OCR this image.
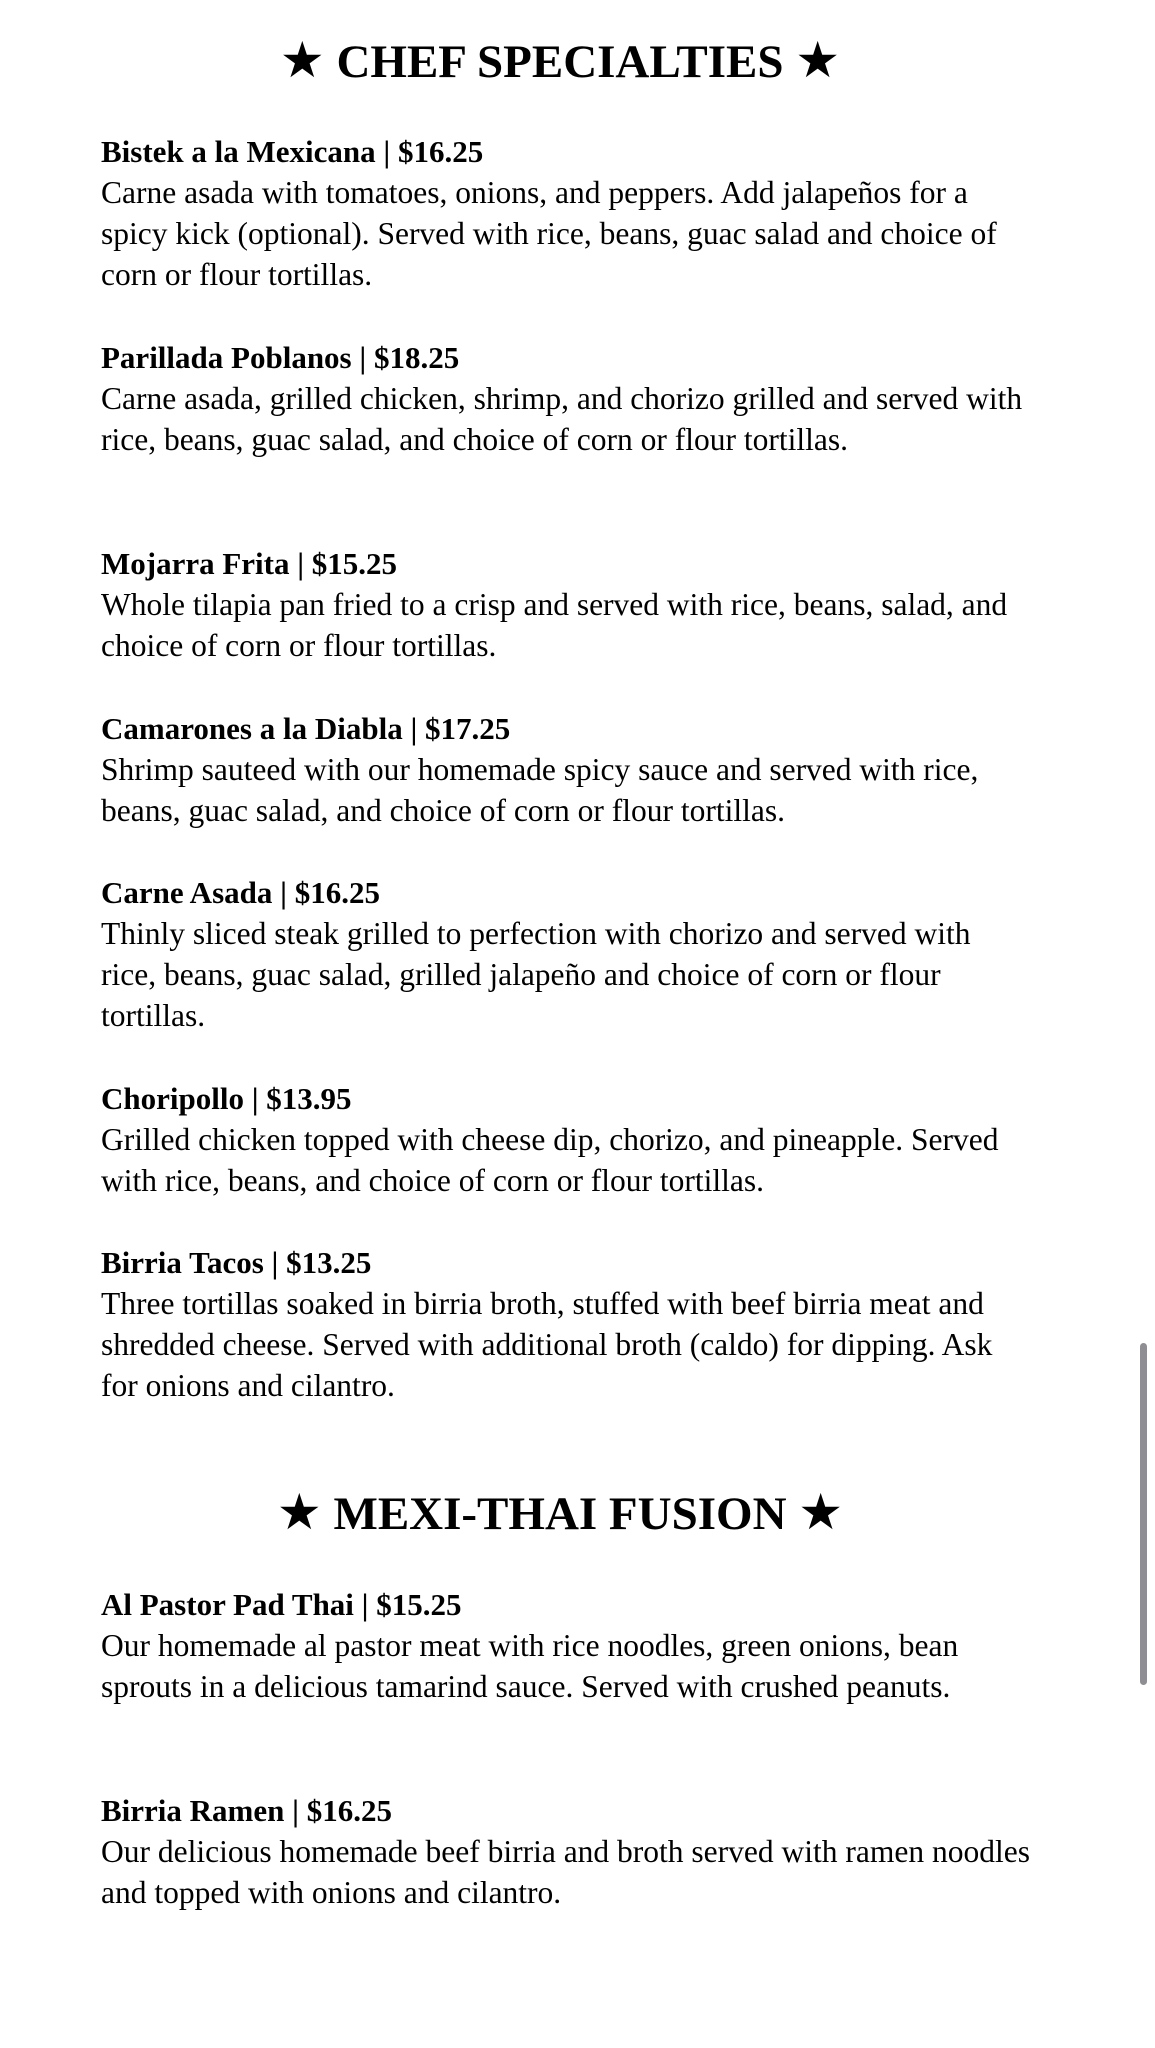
★ CHEF SPECIALTIES ★
Bistek a la Mexicana | $16.25
Carne asada with tomatoes, onions, and peppers. Add jalapeños for a spicy kick (optional). Served with rice, beans, guac salad and choice of corn or flour tortillas.
Parillada Poblanos | $18.25
Carne asada, grilled chicken, shrimp, and chorizo grilled and served with rice, beans, guac salad, and choice of corn or flour tortillas.
Mojarra Frita | $15.25
Whole tilapia pan fried to a crisp and served with rice, beans, salad, and choice of corn or flour tortillas.
Camarones a la Diabla | $17.25
Shrimp sauteed with our homemade spicy sauce and served with rice, beans, guac salad, and choice of corn or flour tortillas.
Carne Asada | $16.25
Thinly sliced steak grilled to perfection with chorizo and served with rice, beans, guac salad, grilled jalapeño and choice of corn or flour tortillas.
Choripollo | $13.95
Grilled chicken topped with cheese dip, chorizo, and pineapple. Served with rice, beans, and choice of corn or flour tortillas.
Birria Tacos | $13.25
Three tortillas soaked in birria broth, stuffed with beef birria meat and shredded cheese. Served with additional broth (caldo) for dipping. Ask for onions and cilantro.
★ MEXI-THAI FUSION ★
Al Pastor Pad Thai | $15.25
Our homemade al pastor meat with rice noodles, green onions, bean sprouts in a delicious tamarind sauce. Served with crushed peanuts.
Birria Ramen | $16.25
Our delicious homemade beef birria and broth served with ramen noodles and topped with onions and cilantro.
